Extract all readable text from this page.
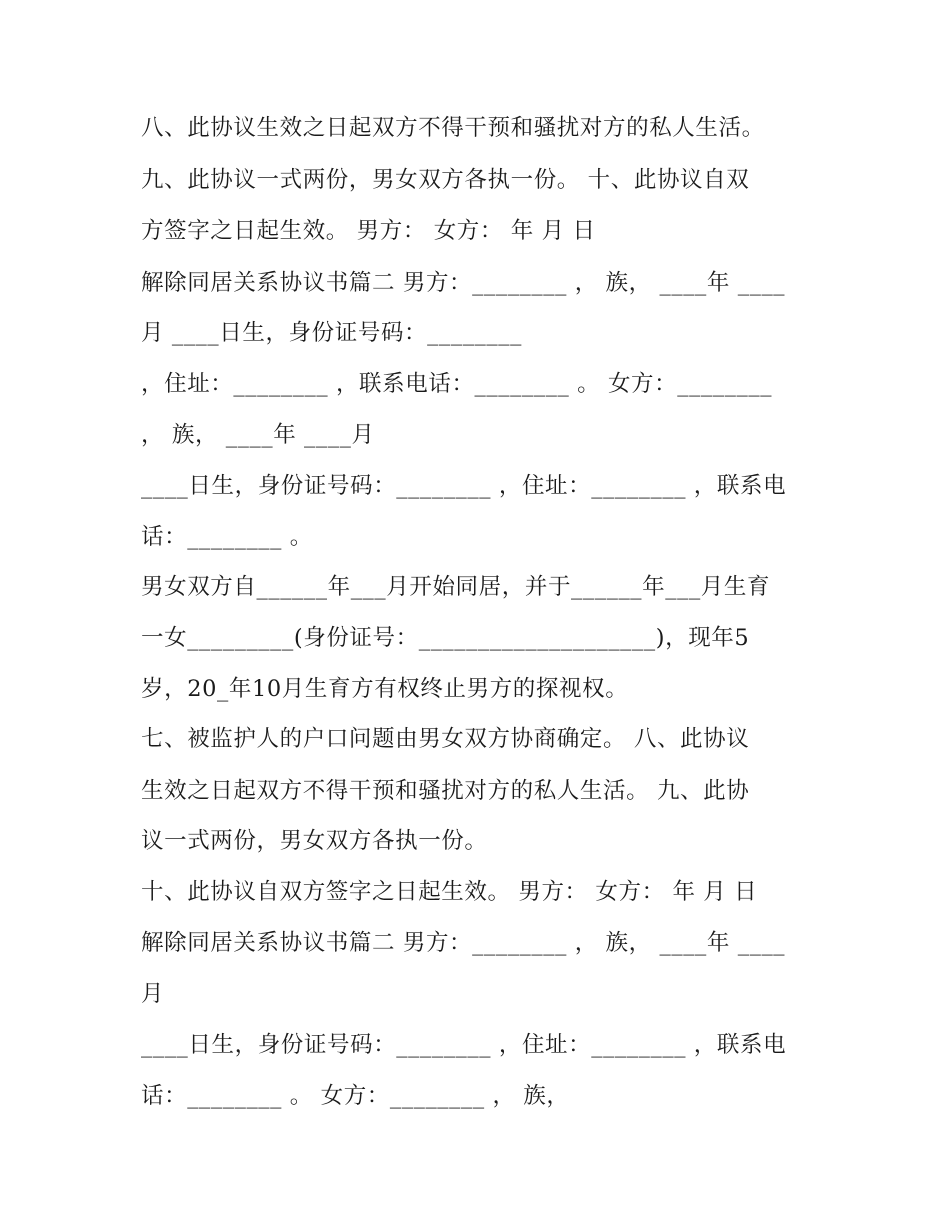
八、此协议生效之日起双方不得干预和骚扰对方的私人生活。
九、此协议一式两份，男女双方各执一份。 十、此协议自双
方签字之日起生效。 男方： 女方： 年 月 日
解除同居关系协议书篇二 男方：________ ， 族， ____年 ____
月 ____日生，身份证号码：________
，住址：________ ，联系电话：________ 。 女方：________
， 族， ____年 ____月
____日生，身份证号码：________ ，住址：________ ，联系电
话：________ 。
男女双方自______年___月开始同居，并于______年___月生育
一女_________(身份证号：____________________)，现年5
岁，20_年10月生育方有权终止男方的探视权。
七、被监护人的户口问题由男女双方协商确定。 八、此协议
生效之日起双方不得干预和骚扰对方的私人生活。 九、此协
议一式两份，男女双方各执一份。
十、此协议自双方签字之日起生效。 男方： 女方： 年 月 日
解除同居关系协议书篇二 男方：________ ， 族， ____年 ____
月
____日生，身份证号码：________ ，住址：________ ，联系电
话：________ 。 女方：________ ， 族，
